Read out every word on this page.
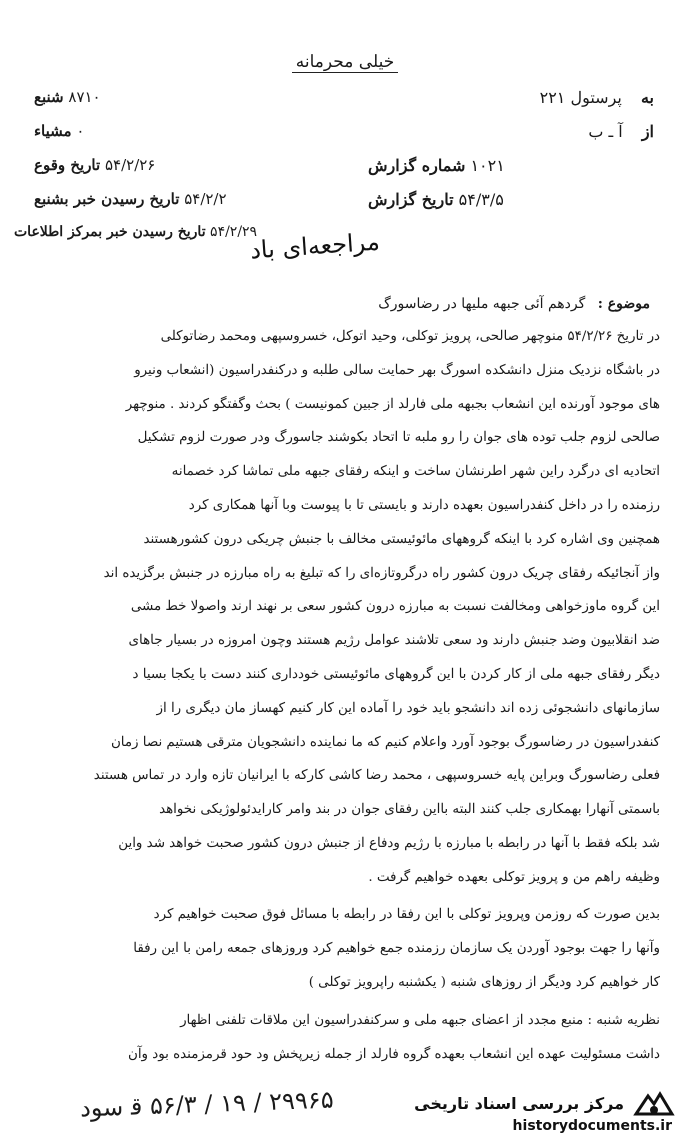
خیلی محرمانه
به پرستول ۲۲۱
از آ ـ ب
شماره گزارش ۱۰۲۱
تاریخ گزارش ۵۴/۳/۵
شنبع ۸۷۱۰
مشیاء ۰
تاریخ وقوع ۵۴/۲/۲۶
تاریخ رسیدن خبر بشنبع ۵۴/۲/۲
تاریخ رسیدن خبر بمرکز اطلاعات ۵۴/۲/۲۹
مراجعه‌ای باد
موضوع : گردهم آئی جبهه ملیها در رضاسورگ
در تاریخ ۵۴/۲/۲۶ منوچهر صالحی، پرویز توکلی، وحید اتوکل، خسروسپهی ومحمد رضاتوکلی
در باشگاه نزدیک منزل دانشکده اسورگ بهر حمایت سالی طلبه و درکنفدراسیون (انشعاب ونیرو
های موجود آورنده این انشعاب بجبهه ملی فارلد از جبین کمونیست ) بحث وگفتگو کردند . منوچهر
صالحی لزوم جلب توده های جوان را رو ملبه تا اتحاد بکوشند جاسورگ ودر صورت لزوم تشکیل
اتحادیه ای درگرد راین شهر اطرنشان ساخت و اینکه رفقای جبهه ملی تماشا کرد خصمانه
رزمنده را در داخل کنفدراسیون بعهده دارند و بایستی تا با پیوست وبا آنها همکاری کرد
همچنین وی اشاره کرد با اینکه گروههای مائوئیستی مخالف با جنبش چریکی درون کشورهستند
واز آنجائیکه رفقای چریک درون کشور راه درگروتازه‌ای را که تبلیغ به راه مبارزه در جنبش برگزیده اند
این گروه ماوزخواهی ومخالفت نسبت به مبارزه درون کشور سعی بر نهند ارند واصولا خط مشی
ضد انقلابیون وضد جنبش دارند ود سعی تلاشند عوامل رژیم هستند وچون امروزه در بسیار جاهای
دیگر رفقای جبهه ملی از کار کردن با این گروههای مائوئیستی خودداری کنند دست با یکجا بسیا د
سازمانهای دانشجوئی زده اند دانشجو باید خود را آماده این کار کنیم کهساز مان دیگری را از
کنفدراسیون در رضاسورگ بوجود آورد واعلام کنیم که ما نماینده دانشجویان مترقی هستیم نصا زمان
فعلی رضاسورگ وبراین پایه خسروسپهی ، محمد رضا کاشی کارکه با ایرانیان تازه وارد در تماس هستند
باسمتی آنهارا بهمکاری جلب کنند البته بااین رفقای جوان در بند وامر کارایدئولوژیکی نخواهد
شد بلکه فقط با آنها در رابطه با مبارزه با رژیم ودفاع از جنبش درون کشور صحبت خواهد شد واین
وظیفه راهم من و پرویز توکلی بعهده خواهیم گرفت .
بدین صورت که روزمن وپرویز توکلی با این رفقا در رابطه با مسائل فوق صحبت خواهیم کرد
وآنها را جهت بوجود آوردن یک سازمان رزمنده جمع خواهیم کرد وروزهای جمعه رامن با این رفقا
کار خواهیم کرد ودیگر از روزهای شنبه ( یکشنبه راپرویز توکلی )
نظریه شنبه : منبع مجدد از اعضای جبهه ملی و سرکنفدراسیون این ملاقات تلفنی اظهار
داشت مسئولیت عهده این انشعاب بعهده گروه فارلد از جمله زیرپخش ود حود قرمزمنده بود وآن
۲۹۹۶۵ / ۱۹ / ۵۶/۳ ق‍ سود	مرکز بررسی اسناد تاریخی
historydocuments.ir
